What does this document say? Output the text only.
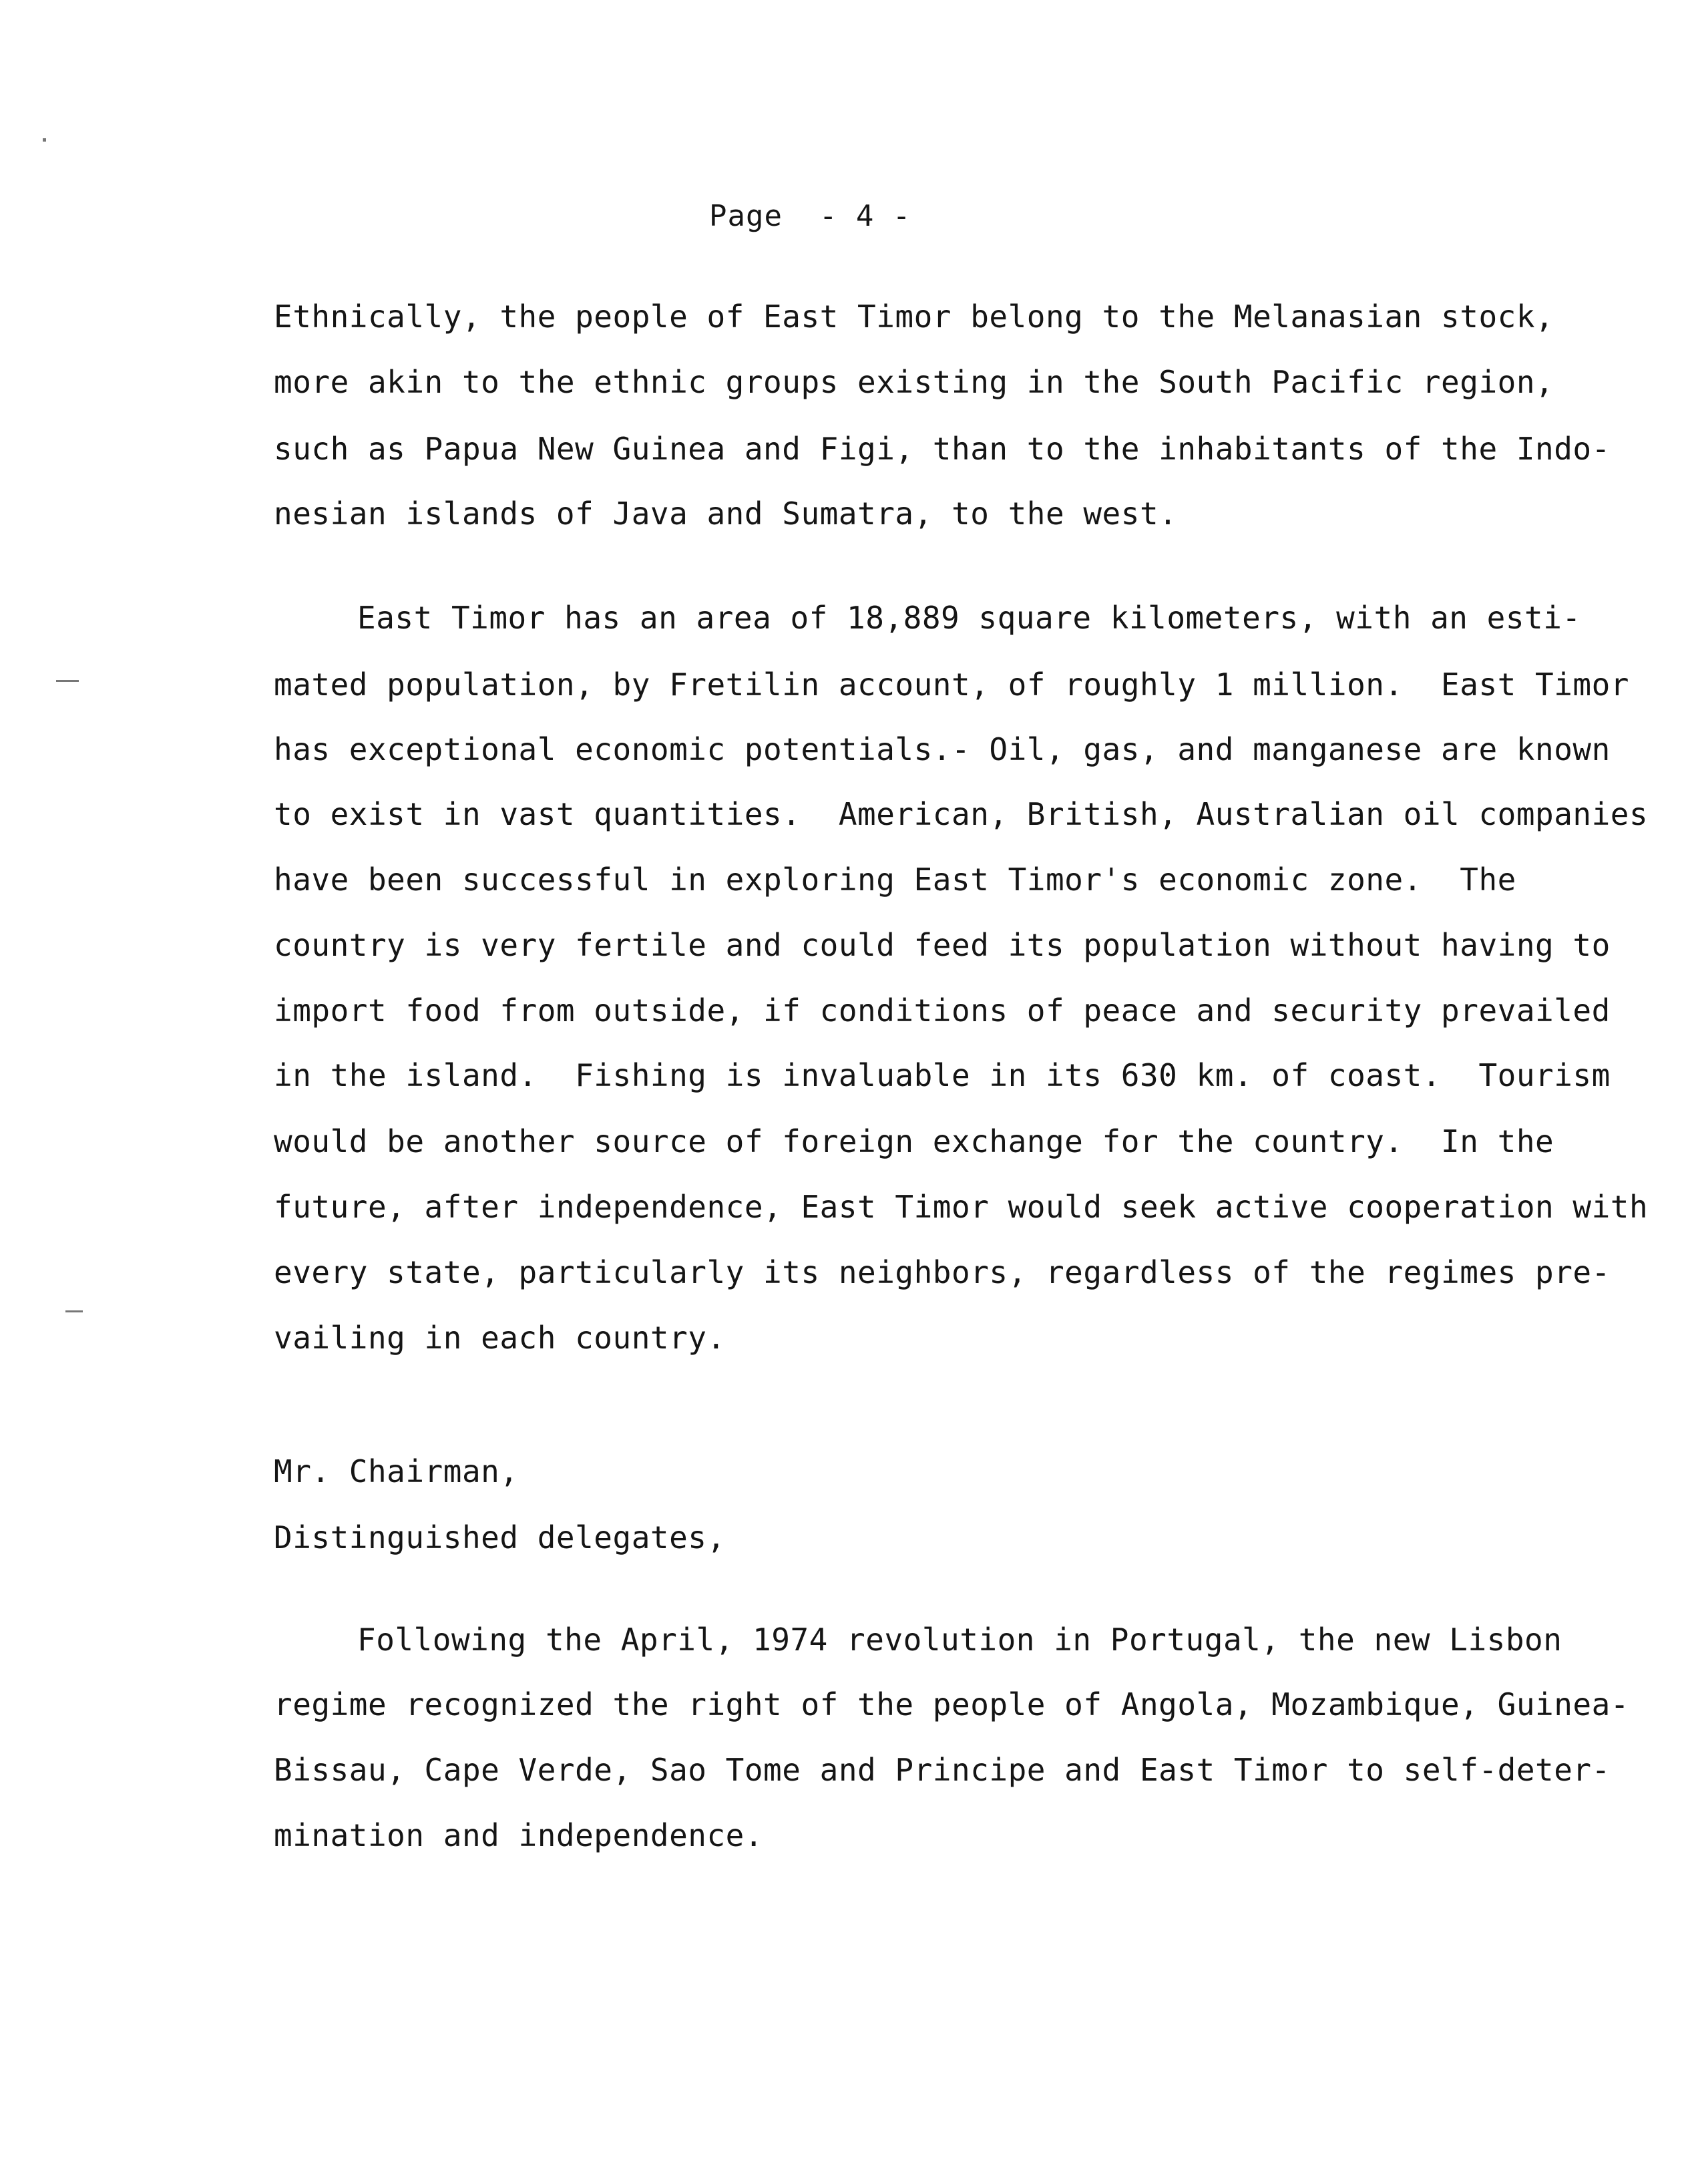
Page  - 4 -
Ethnically, the people of East Timor belong to the Melanasian stock,
more akin to the ethnic groups existing in the South Pacific region,
such as Papua New Guinea and Figi, than to the inhabitants of the Indo-
nesian islands of Java and Sumatra, to the west.
East Timor has an area of 18,889 square kilometers, with an esti-
mated population, by Fretilin account, of roughly 1 million.  East Timor
has exceptional economic potentials.- Oil, gas, and manganese are known
to exist in vast quantities.  American, British, Australian oil companies
have been successful in exploring East Timor's economic zone.  The
country is very fertile and could feed its population without having to
import food from outside, if conditions of peace and security prevailed
in the island.  Fishing is invaluable in its 630 km. of coast.  Tourism
would be another source of foreign exchange for the country.  In the
future, after independence, East Timor would seek active cooperation with
every state, particularly its neighbors, regardless of the regimes pre-
vailing in each country.
Mr. Chairman,
Distinguished delegates,
Following the April, 1974 revolution in Portugal, the new Lisbon
regime recognized the right of the people of Angola, Mozambique, Guinea-
Bissau, Cape Verde, Sao Tome and Principe and East Timor to self-deter-
mination and independence.
